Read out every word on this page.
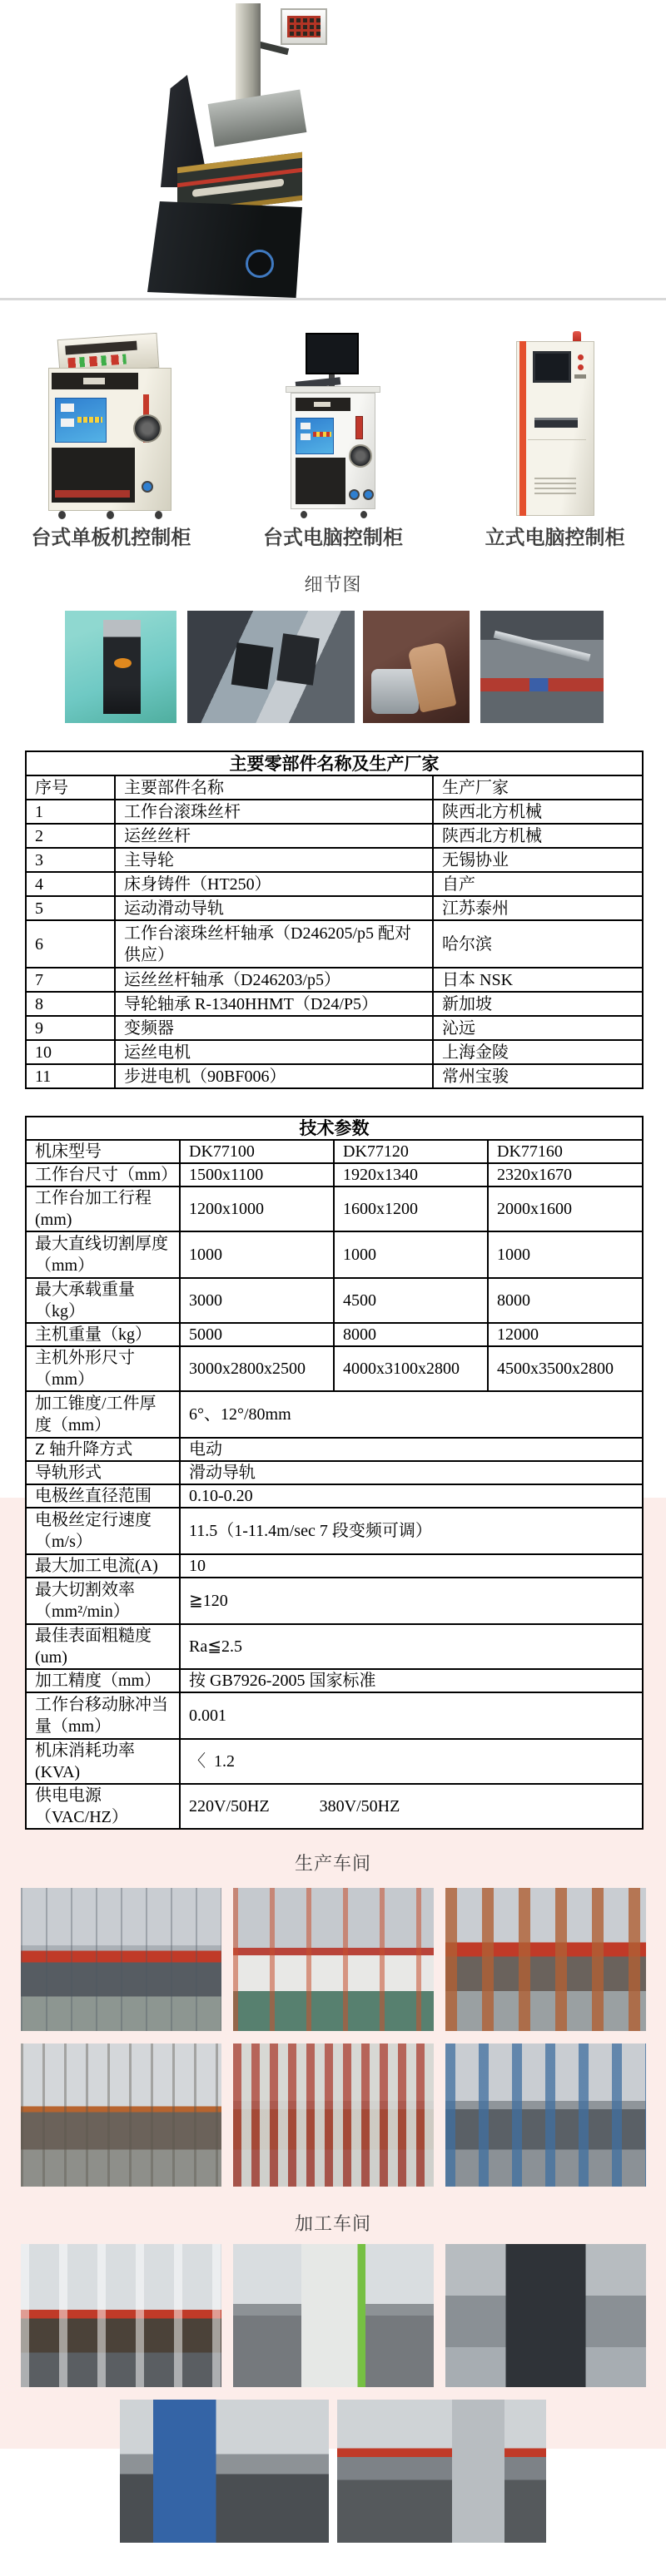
台式单板机控制柜	台式电脑控制柜	立式电脑控制柜
细节图
主要零部件名称及生产厂家		
序号	主要部件名称	生产厂家
1	工作台滚珠丝杆	陕西北方机械
2	运丝丝杆	陕西北方机械
3	主导轮	无锡协业
4	床身铸件（HT250）	自产
5	运动滑动导轨	江苏泰州
6	工作台滚珠丝杆轴承（D246205/p5 配对供应）	哈尔滨
7	运丝丝杆轴承（D246203/p5）	日本 NSK
8	导轮轴承 R-1340HHMT（D24/P5）	新加坡
9	变频器	沁远
10	运丝电机	上海金陵
11	步进电机（90BF006）	常州宝骏
技术参数			
机床型号	DK77100	DK77120	DK77160
工作台尺寸（mm）	1500x1100	1920x1340	2320x1670
工作台加工行程(mm)	1200x1000	1600x1200	2000x1600
最大直线切割厚度（mm）	1000	1000	1000
最大承载重量（kg）	3000	4500	8000
主机重量（kg）	5000	8000	12000
主机外形尺寸（mm）	3000x2800x2500	4000x3100x2800	4500x3500x2800
加工锥度/工件厚度（mm）	6°、12°/80mm		
Z 轴升降方式	电动		
导轨形式	滑动导轨		
电极丝直径范围	0.10-0.20		
电极丝定行速度（m/s）	11.5（1-11.4m/sec 7 段变频可调）		
最大加工电流(A)	10		
最大切割效率（mm²/min）	≧120		
最佳表面粗糙度(um)	Ra≦2.5		
加工精度（mm）	按 GB7926-2005 国家标准		
工作台移动脉冲当量（mm）	0.001		
机床消耗功率(KVA)	〈  1.2		
供电电源（VAC/HZ）	220V/50HZ            380V/50HZ		
生产车间
加工车间
